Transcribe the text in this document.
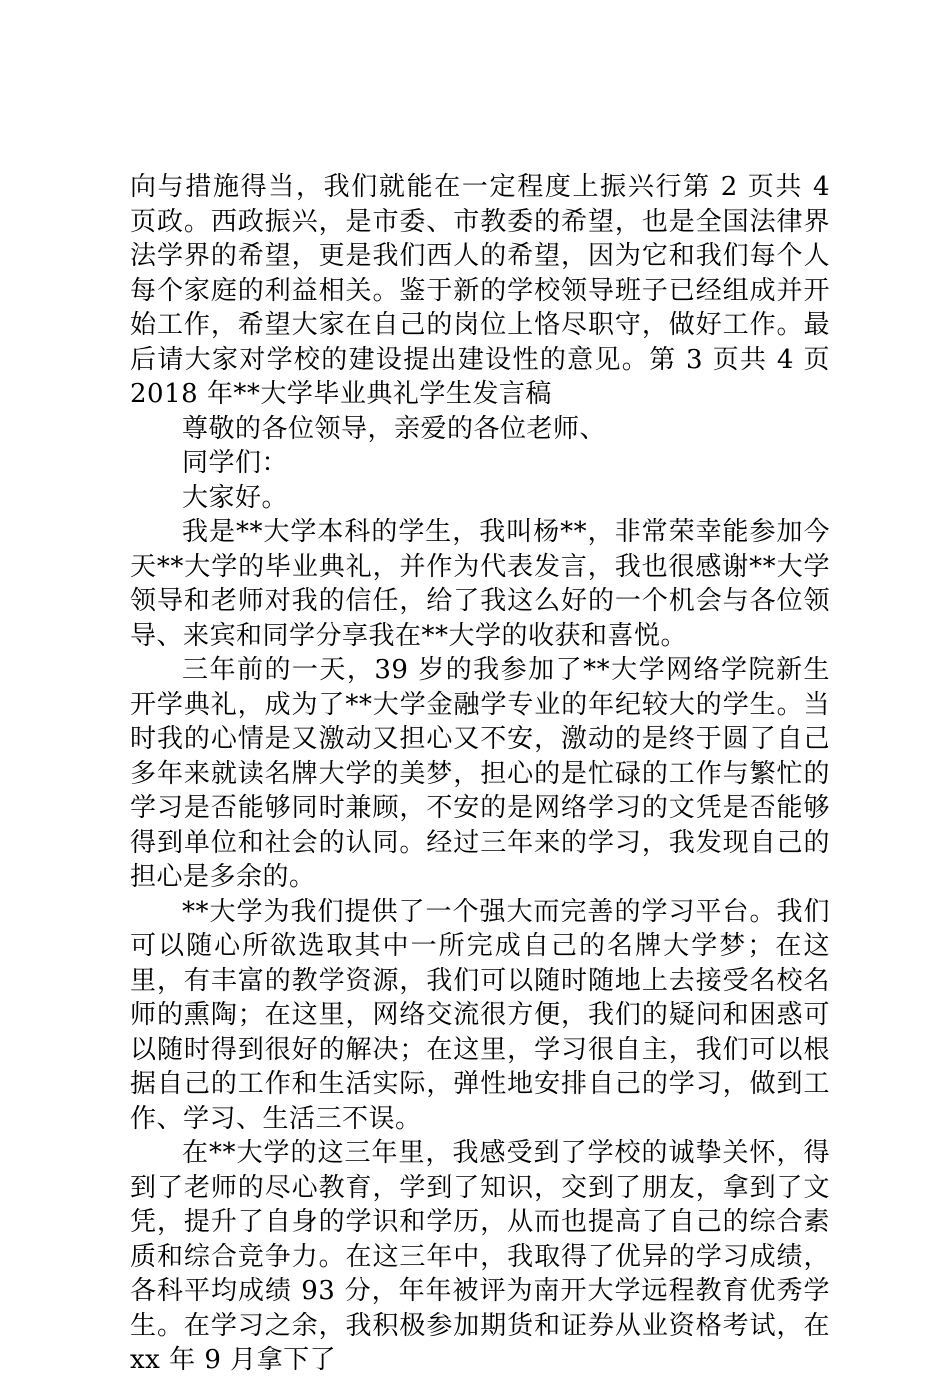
向与措施得当，我们就能在一定程度上振兴行第 2 页共 4 页政。西政振兴，是市委、市教委的希望，也是全国法律界法学界的希望，更是我们西人的希望，因为它和我们每个人每个家庭的利益相关。鉴于新的学校领导班子已经组成并开始工作，希望大家在自己的岗位上恪尽职守，做好工作。最后请大家对学校的建设提出建设性的意见。第 3 页共 4 页 2018 年**大学毕业典礼学生发言稿

尊敬的各位领导，亲爱的各位老师、

同学们：

大家好。

我是**大学本科的学生，我叫杨**，非常荣幸能参加今天**大学的毕业典礼，并作为代表发言，我也很感谢**大学领导和老师对我的信任，给了我这么好的一个机会与各位领导、来宾和同学分享我在**大学的收获和喜悦。

三年前的一天，39 岁的我参加了**大学网络学院新生开学典礼，成为了**大学金融学专业的年纪较大的学生。当时我的心情是又激动又担心又不安，激动的是终于圆了自己多年来就读名牌大学的美梦，担心的是忙碌的工作与繁忙的学习是否能够同时兼顾，不安的是网络学习的文凭是否能够得到单位和社会的认同。经过三年来的学习，我发现自己的担心是多余的。

**大学为我们提供了一个强大而完善的学习平台。我们可以随心所欲选取其中一所完成自己的名牌大学梦；在这里，有丰富的教学资源，我们可以随时随地上去接受名校名师的熏陶；在这里，网络交流很方便，我们的疑问和困惑可以随时得到很好的解决；在这里，学习很自主，我们可以根据自己的工作和生活实际，弹性地安排自己的学习，做到工作、学习、生活三不误。

在**大学的这三年里，我感受到了学校的诚挚关怀，得到了老师的尽心教育，学到了知识，交到了朋友，拿到了文凭，提升了自身的学识和学历，从而也提高了自己的综合素质和综合竞争力。在这三年中，我取得了优异的学习成绩，各科平均成绩 93 分，年年被评为南开大学远程教育优秀学生。在学习之余，我积极参加期货和证券从业资格考试，在 xx 年 9 月拿下了
